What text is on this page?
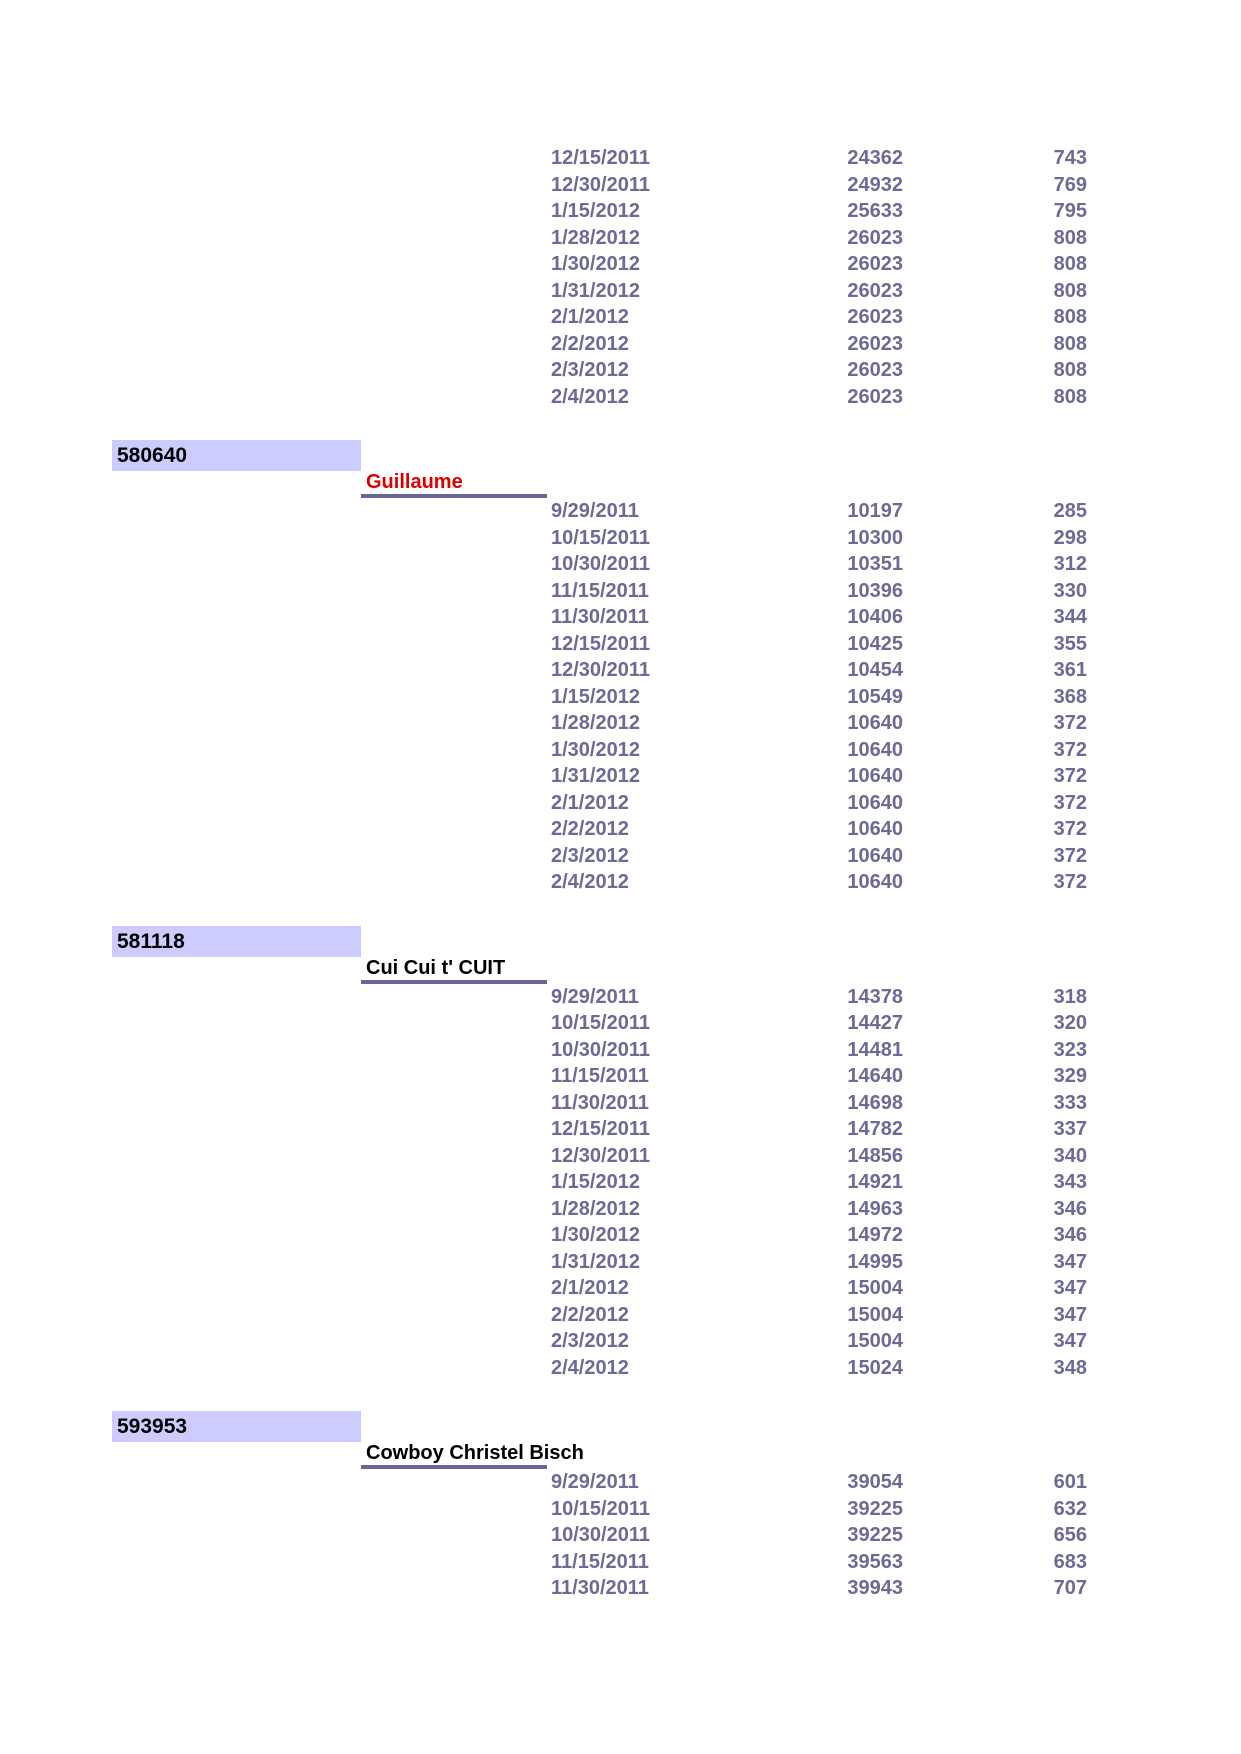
12/15/2011	24362	743
12/30/2011	24932	769
1/15/2012	25633	795
1/28/2012	26023	808
1/30/2012	26023	808
1/31/2012	26023	808
2/1/2012	26023	808
2/2/2012	26023	808
2/3/2012	26023	808
2/4/2012	26023	808
580640
Guillaume
9/29/2011	10197	285
10/15/2011	10300	298
10/30/2011	10351	312
11/15/2011	10396	330
11/30/2011	10406	344
12/15/2011	10425	355
12/30/2011	10454	361
1/15/2012	10549	368
1/28/2012	10640	372
1/30/2012	10640	372
1/31/2012	10640	372
2/1/2012	10640	372
2/2/2012	10640	372
2/3/2012	10640	372
2/4/2012	10640	372
581118
Cui Cui t' CUIT
9/29/2011	14378	318
10/15/2011	14427	320
10/30/2011	14481	323
11/15/2011	14640	329
11/30/2011	14698	333
12/15/2011	14782	337
12/30/2011	14856	340
1/15/2012	14921	343
1/28/2012	14963	346
1/30/2012	14972	346
1/31/2012	14995	347
2/1/2012	15004	347
2/2/2012	15004	347
2/3/2012	15004	347
2/4/2012	15024	348
593953
Cowboy Christel Bisch
9/29/2011	39054	601
10/15/2011	39225	632
10/30/2011	39225	656
11/15/2011	39563	683
11/30/2011	39943	707
